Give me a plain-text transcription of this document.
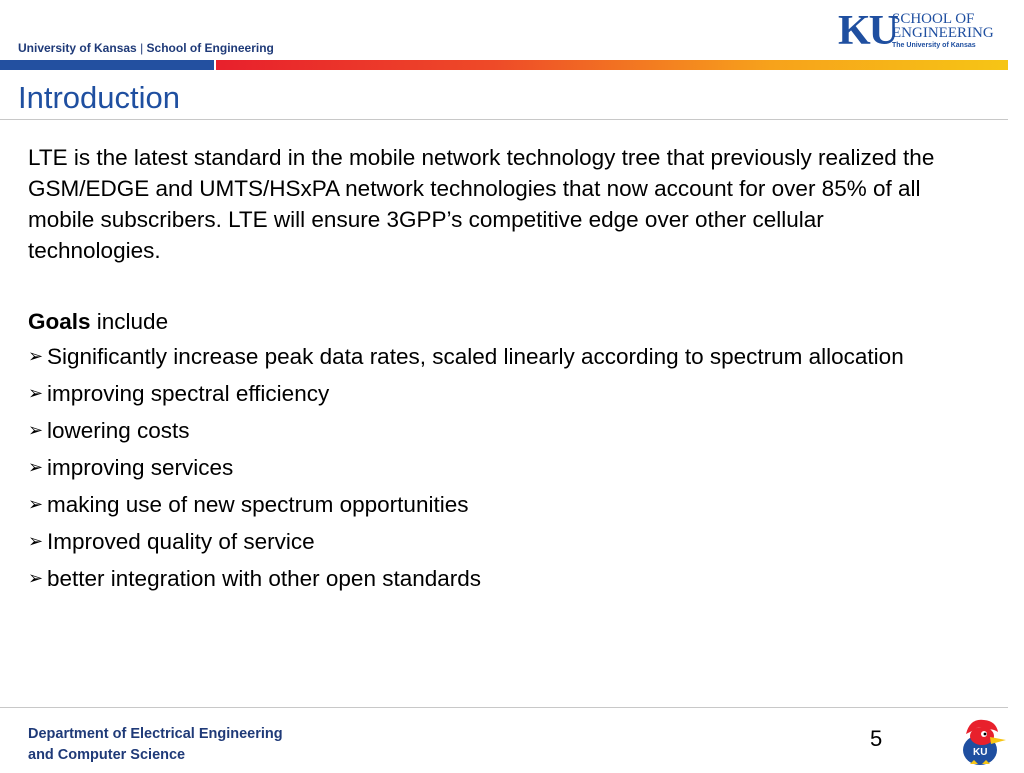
University of Kansas | School of Engineering	KU
SCHOOL OF
ENGINEERING
The University of Kansas
Introduction

LTE is the latest standard in the mobile network technology tree that previously realized the GSM/EDGE and UMTS/HSxPA network technologies that now account for over 85% of all mobile subscribers. LTE will ensure 3GPP’s competitive edge over other cellular technologies.

Goals include

➢ Significantly increase peak data rates, scaled linearly according to spectrum allocation
➢ improving spectral efficiency
➢ lowering costs
➢ improving services
➢ making use of new spectrum opportunities
➢ Improved quality of service
➢ better integration with other open standards
Department of Electrical Engineering
and Computer Science
5
KU
